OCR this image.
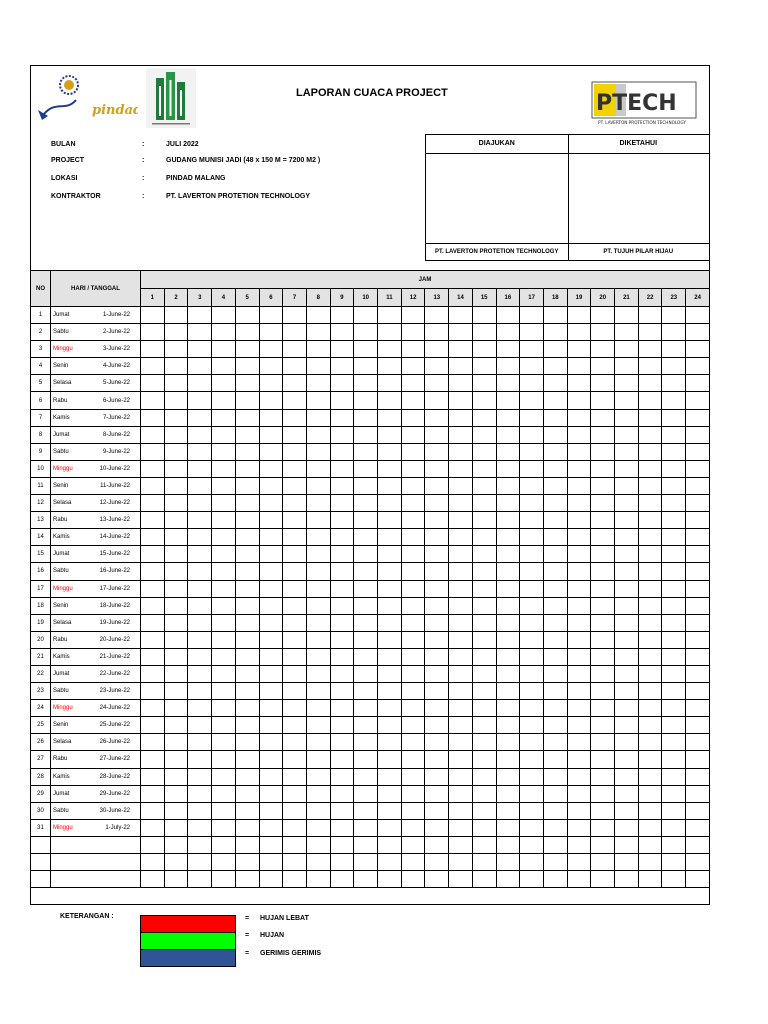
pindad
LAPORAN CUACA PROJECT	PTECH
PT. LAVERTON PROTECTION TECHNOLOGY
BULAN	:	JULI 2022
PROJECT	:	GUDANG MUNISI JADI (48 x 150 M = 7200 M2 )
LOKASI	:	PINDAD MALANG
KONTRAKTOR	:	PT. LAVERTON PROTETION TECHNOLOGY
DIAJUKAN	DIKETAHUI
PT. LAVERTON PROTETION TECHNOLOGY	PT. TUJUH PILAR HIJAU
NO	HARI / TANGGAL	JAM																							
		1	2	3	4	5	6	7	8	9	10	11	12	13	14	15	16	17	18	19	20	21	22	23	24
1	Jumat 1-June-22																								

2	Sabtu 2-June-22																								

3	Minggu 3-June-22																								

4	Senin 4-June-22																								

5	Selasa 5-June-22																								

6	Rabu 6-June-22																								

7	Kamis 7-June-22																								

8	Jumat 8-June-22																								

9	Sabtu 9-June-22																								

10	Minggu 10-June-22																								

11	Senin 11-June-22																								

12	Selasa 12-June-22																								

13	Rabu 13-June-22																								

14	Kamis 14-June-22																								

15	Jumat 15-June-22																								

16	Sabtu 16-June-22																								

17	Minggu 17-June-22																								

18	Senin 18-June-22																								

19	Selasa 19-June-22																								

20	Rabu 20-June-22																								

21	Kamis 21-June-22																								

22	Jumat 22-June-22																								

23	Sabtu 23-June-22																								

24	Minggu 24-June-22																								

25	Senin 25-June-22																								

26	Selasa 26-June-22																								

27	Rabu 27-June-22																								

28	Kamis 28-June-22																								

29	Jumat 29-June-22																								

30	Sabtu 30-June-22																								

31	Minggu 1-July-22																								

KETERANGAN :	=
=
=
HUJAN LEBAT
HUJAN
GERIMIS GERIMIS
